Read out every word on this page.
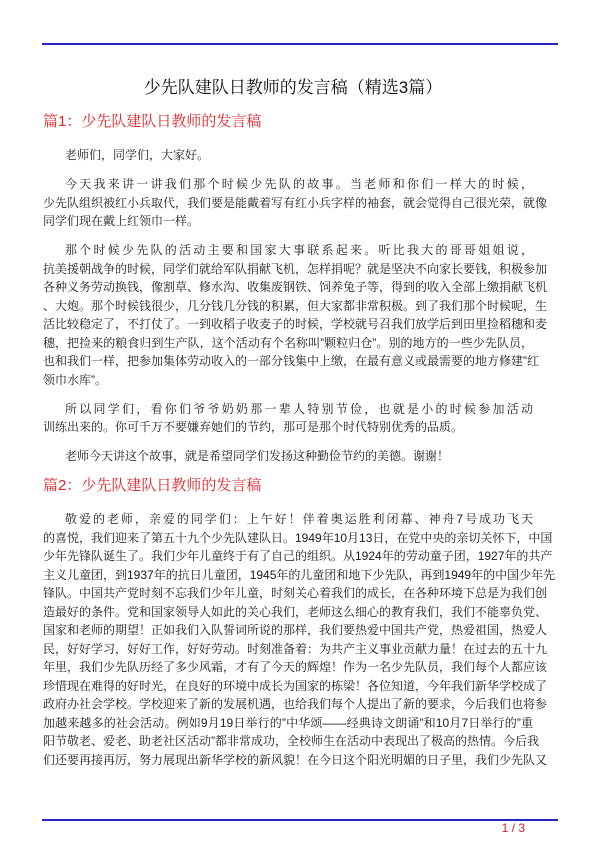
少先队建队日教师的发言稿（精选3篇）
篇1：少先队建队日教师的发言稿
老师们，同学们，大家好。
今天我来讲一讲我们那个时候少先队的故事。当老师和你们一样大的时候，
少先队组织被红小兵取代，我们要是能戴着写有红小兵字样的袖套，就会觉得自己很光荣，就像
同学们现在戴上红领巾一样。
那个时候少先队的活动主要和国家大事联系起来。听比我大的哥哥姐姐说，
抗美援朝战争的时候，同学们就给军队捐献飞机，怎样捐呢？就是坚决不向家长要钱，积极参加
各种义务劳动换钱，像割草、修水沟、收集废钢铁、饲养兔子等，得到的收入全部上缴捐献飞机
、大炮。那个时候钱很少，几分钱几分钱的积累，但大家都非常积极。到了我们那个时候呢，生
活比较稳定了，不打仗了。一到收稻子收麦子的时候，学校就号召我们放学后到田里捡稻穗和麦
穗，把捡来的粮食归到生产队，这个活动有个名称叫”颗粒归仓”。别的地方的一些少先队员，
也和我们一样，把参加集体劳动收入的一部分钱集中上缴，在最有意义或最需要的地方修建”红
领巾水库”。
所以同学们，看你们爷爷奶奶那一辈人特别节俭，也就是小的时候参加活动
训练出来的。你可千万不要嫌弃她们的节约，那可是那个时代特别优秀的品质。
老师今天讲这个故事，就是希望同学们发扬这种勤俭节约的美德。谢谢！
篇2：少先队建队日教师的发言稿
敬爱的老师，亲爱的同学们：上午好！伴着奥运胜利闭幕、神舟7号成功飞天
的喜悦，我们迎来了第五十九个少先队建队日。1949年10月13日，在党中央的亲切关怀下，中国
少年先锋队诞生了。我们少年儿童终于有了自己的组织。从1924年的劳动童子团，1927年的共产
主义儿童团，到1937年的抗日儿童团，1945年的儿童团和地下少先队，再到1949年的中国少年先
锋队。中国共产党时刻不忘我们少年儿童，时刻关心着我们的成长，在各种环境下总是为我们创
造最好的条件。党和国家领导人如此的关心我们，老师这么细心的教育我们，我们不能辜负党、
国家和老师的期望！正如我们入队誓词所说的那样，我们要热爱中国共产党，热爱祖国，热爱人
民，好好学习，好好工作，好好劳动。时刻准备着：为共产主义事业贡献力量！在过去的五十九
年里，我们少先队历经了多少风霜，才有了今天的辉煌！作为一名少先队员，我们每个人都应该
珍惜现在难得的好时光，在良好的环境中成长为国家的栋梁！各位知道，今年我们新华学校成了
政府办社会学校。学校迎来了新的发展机遇，也给我们每个人提出了新的要求，今后我们也将参
加越来越多的社会活动。例如9月19日举行的”中华颂——经典诗文朗诵”和10月7日举行的”重
阳节敬老、爱老、助老社区活动”都非常成功，全校师生在活动中表现出了极高的热情。今后我
们还要再接再厉，努力展现出新华学校的新风貌！在今日这个阳光明媚的日子里，我们少先队又
1 / 3
